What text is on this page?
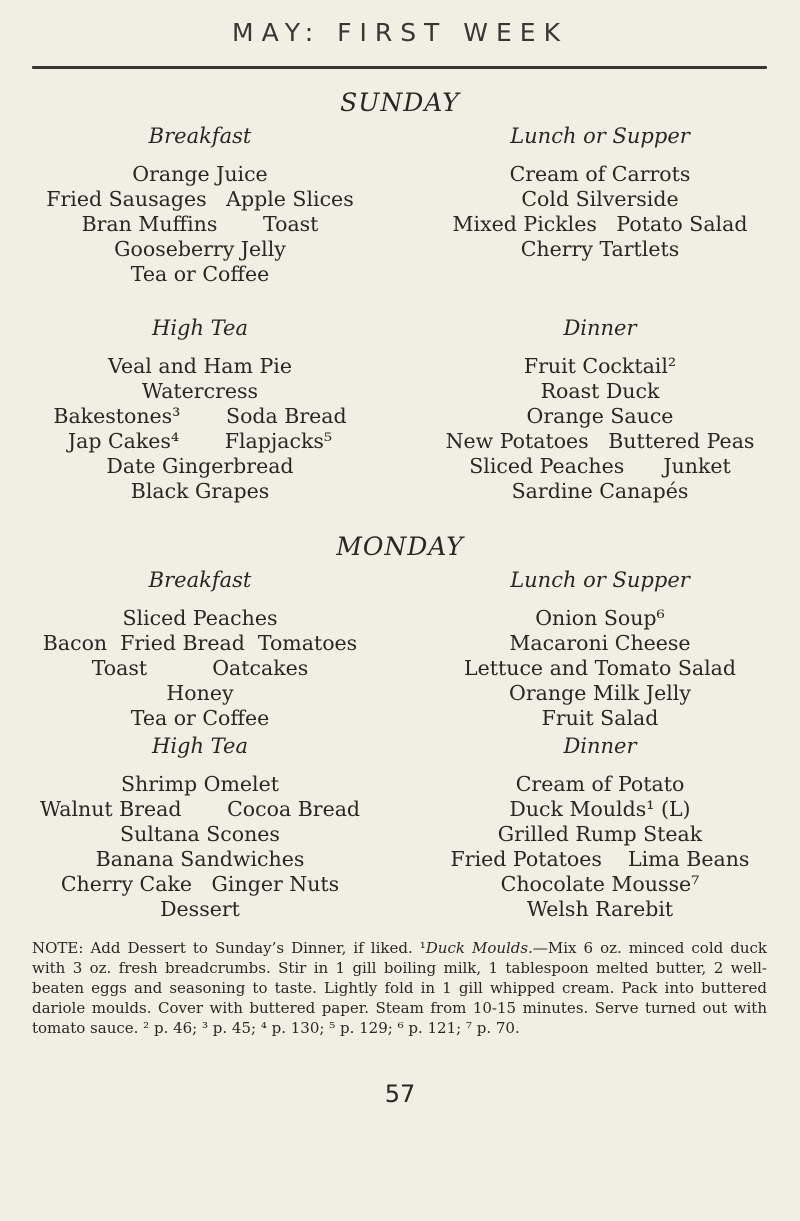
MAY: FIRST WEEK
SUNDAY
Breakfast
Orange Juice
Fried Sausages   Apple Slices
Bran Muffins       Toast
Gooseberry Jelly
Tea or Coffee
Lunch or Supper
Cream of Carrots
Cold Silverside
Mixed Pickles   Potato Salad
Cherry Tartlets
High Tea
Veal and Ham Pie
Watercress
Bakestones³       Soda Bread
Jap Cakes⁴       Flapjacks⁵
Date Gingerbread
Black Grapes
Dinner
Fruit Cocktail²
Roast Duck
Orange Sauce
New Potatoes   Buttered Peas
Sliced Peaches      Junket
Sardine Canapés
MONDAY
Breakfast
Sliced Peaches
Bacon  Fried Bread  Tomatoes
Toast          Oatcakes
Honey
Tea or Coffee
Lunch or Supper
Onion Soup⁶
Macaroni Cheese
Lettuce and Tomato Salad
Orange Milk Jelly
Fruit Salad
High Tea
Shrimp Omelet
Walnut Bread       Cocoa Bread
Sultana Scones
Banana Sandwiches
Cherry Cake   Ginger Nuts
Dessert
Dinner
Cream of Potato
Duck Moulds¹ (L)
Grilled Rump Steak
Fried Potatoes    Lima Beans
Chocolate Mousse⁷
Welsh Rarebit
NOTE: Add Dessert to Sunday’s Dinner, if liked. ¹Duck Moulds.—Mix 6 oz. minced cold duck with 3 oz. fresh breadcrumbs. Stir in 1 gill boiling milk, 1 tablespoon melted butter, 2 well-beaten eggs and seasoning to taste. Lightly fold in 1 gill whipped cream. Pack into buttered dariole moulds. Cover with buttered paper. Steam from 10-15 minutes. Serve turned out with tomato sauce. ² p. 46; ³ p. 45; ⁴ p. 130; ⁵ p. 129; ⁶ p. 121; ⁷ p. 70.
57
